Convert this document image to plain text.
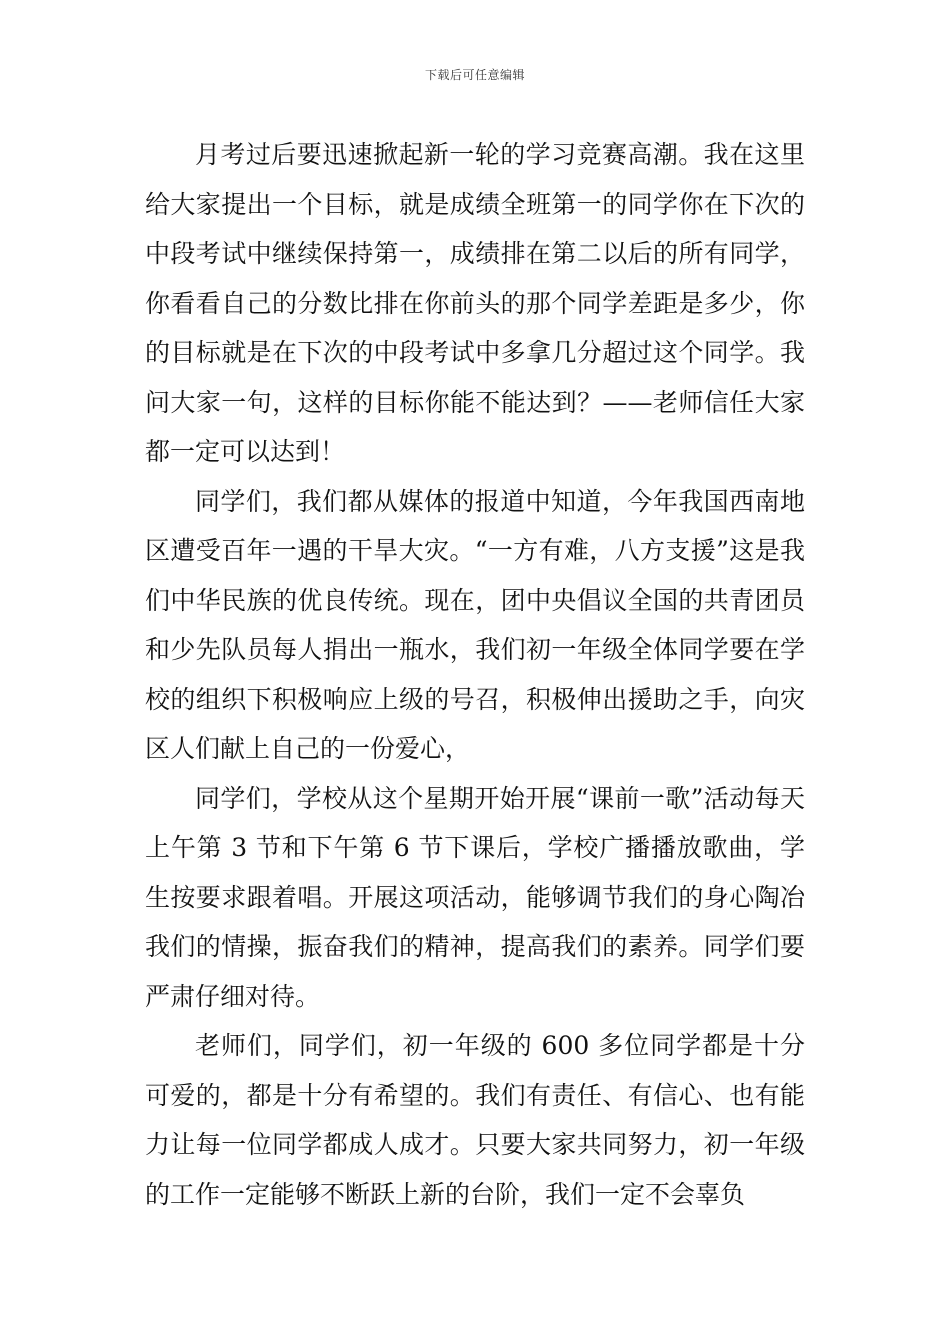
下载后可任意编辑

月考过后要迅速掀起新一轮的学习竞赛高潮。我在这里给大家提出一个目标，就是成绩全班第一的同学你在下次的中段考试中继续保持第一，成绩排在第二以后的所有同学，你看看自己的分数比排在你前头的那个同学差距是多少，你的目标就是在下次的中段考试中多拿几分超过这个同学。我问大家一句，这样的目标你能不能达到？——老师信任大家都一定可以达到！

同学们，我们都从媒体的报道中知道，今年我国西南地区遭受百年一遇的干旱大灾。“一方有难，八方支援”这是我们中华民族的优良传统。现在，团中央倡议全国的共青团员和少先队员每人捐出一瓶水，我们初一年级全体同学要在学校的组织下积极响应上级的号召，积极伸出援助之手，向灾区人们献上自己的一份爱心，

同学们，学校从这个星期开始开展“课前一歌”活动每天上午第 3 节和下午第 6 节下课后，学校广播播放歌曲，学生按要求跟着唱。开展这项活动，能够调节我们的身心陶冶我们的情操，振奋我们的精神，提高我们的素养。同学们要严肃仔细对待。

老师们，同学们，初一年级的 600 多位同学都是十分可爱的，都是十分有希望的。我们有责任、有信心、也有能力让每一位同学都成人成才。只要大家共同努力，初一年级的工作一定能够不断跃上新的台阶，我们一定不会辜负
